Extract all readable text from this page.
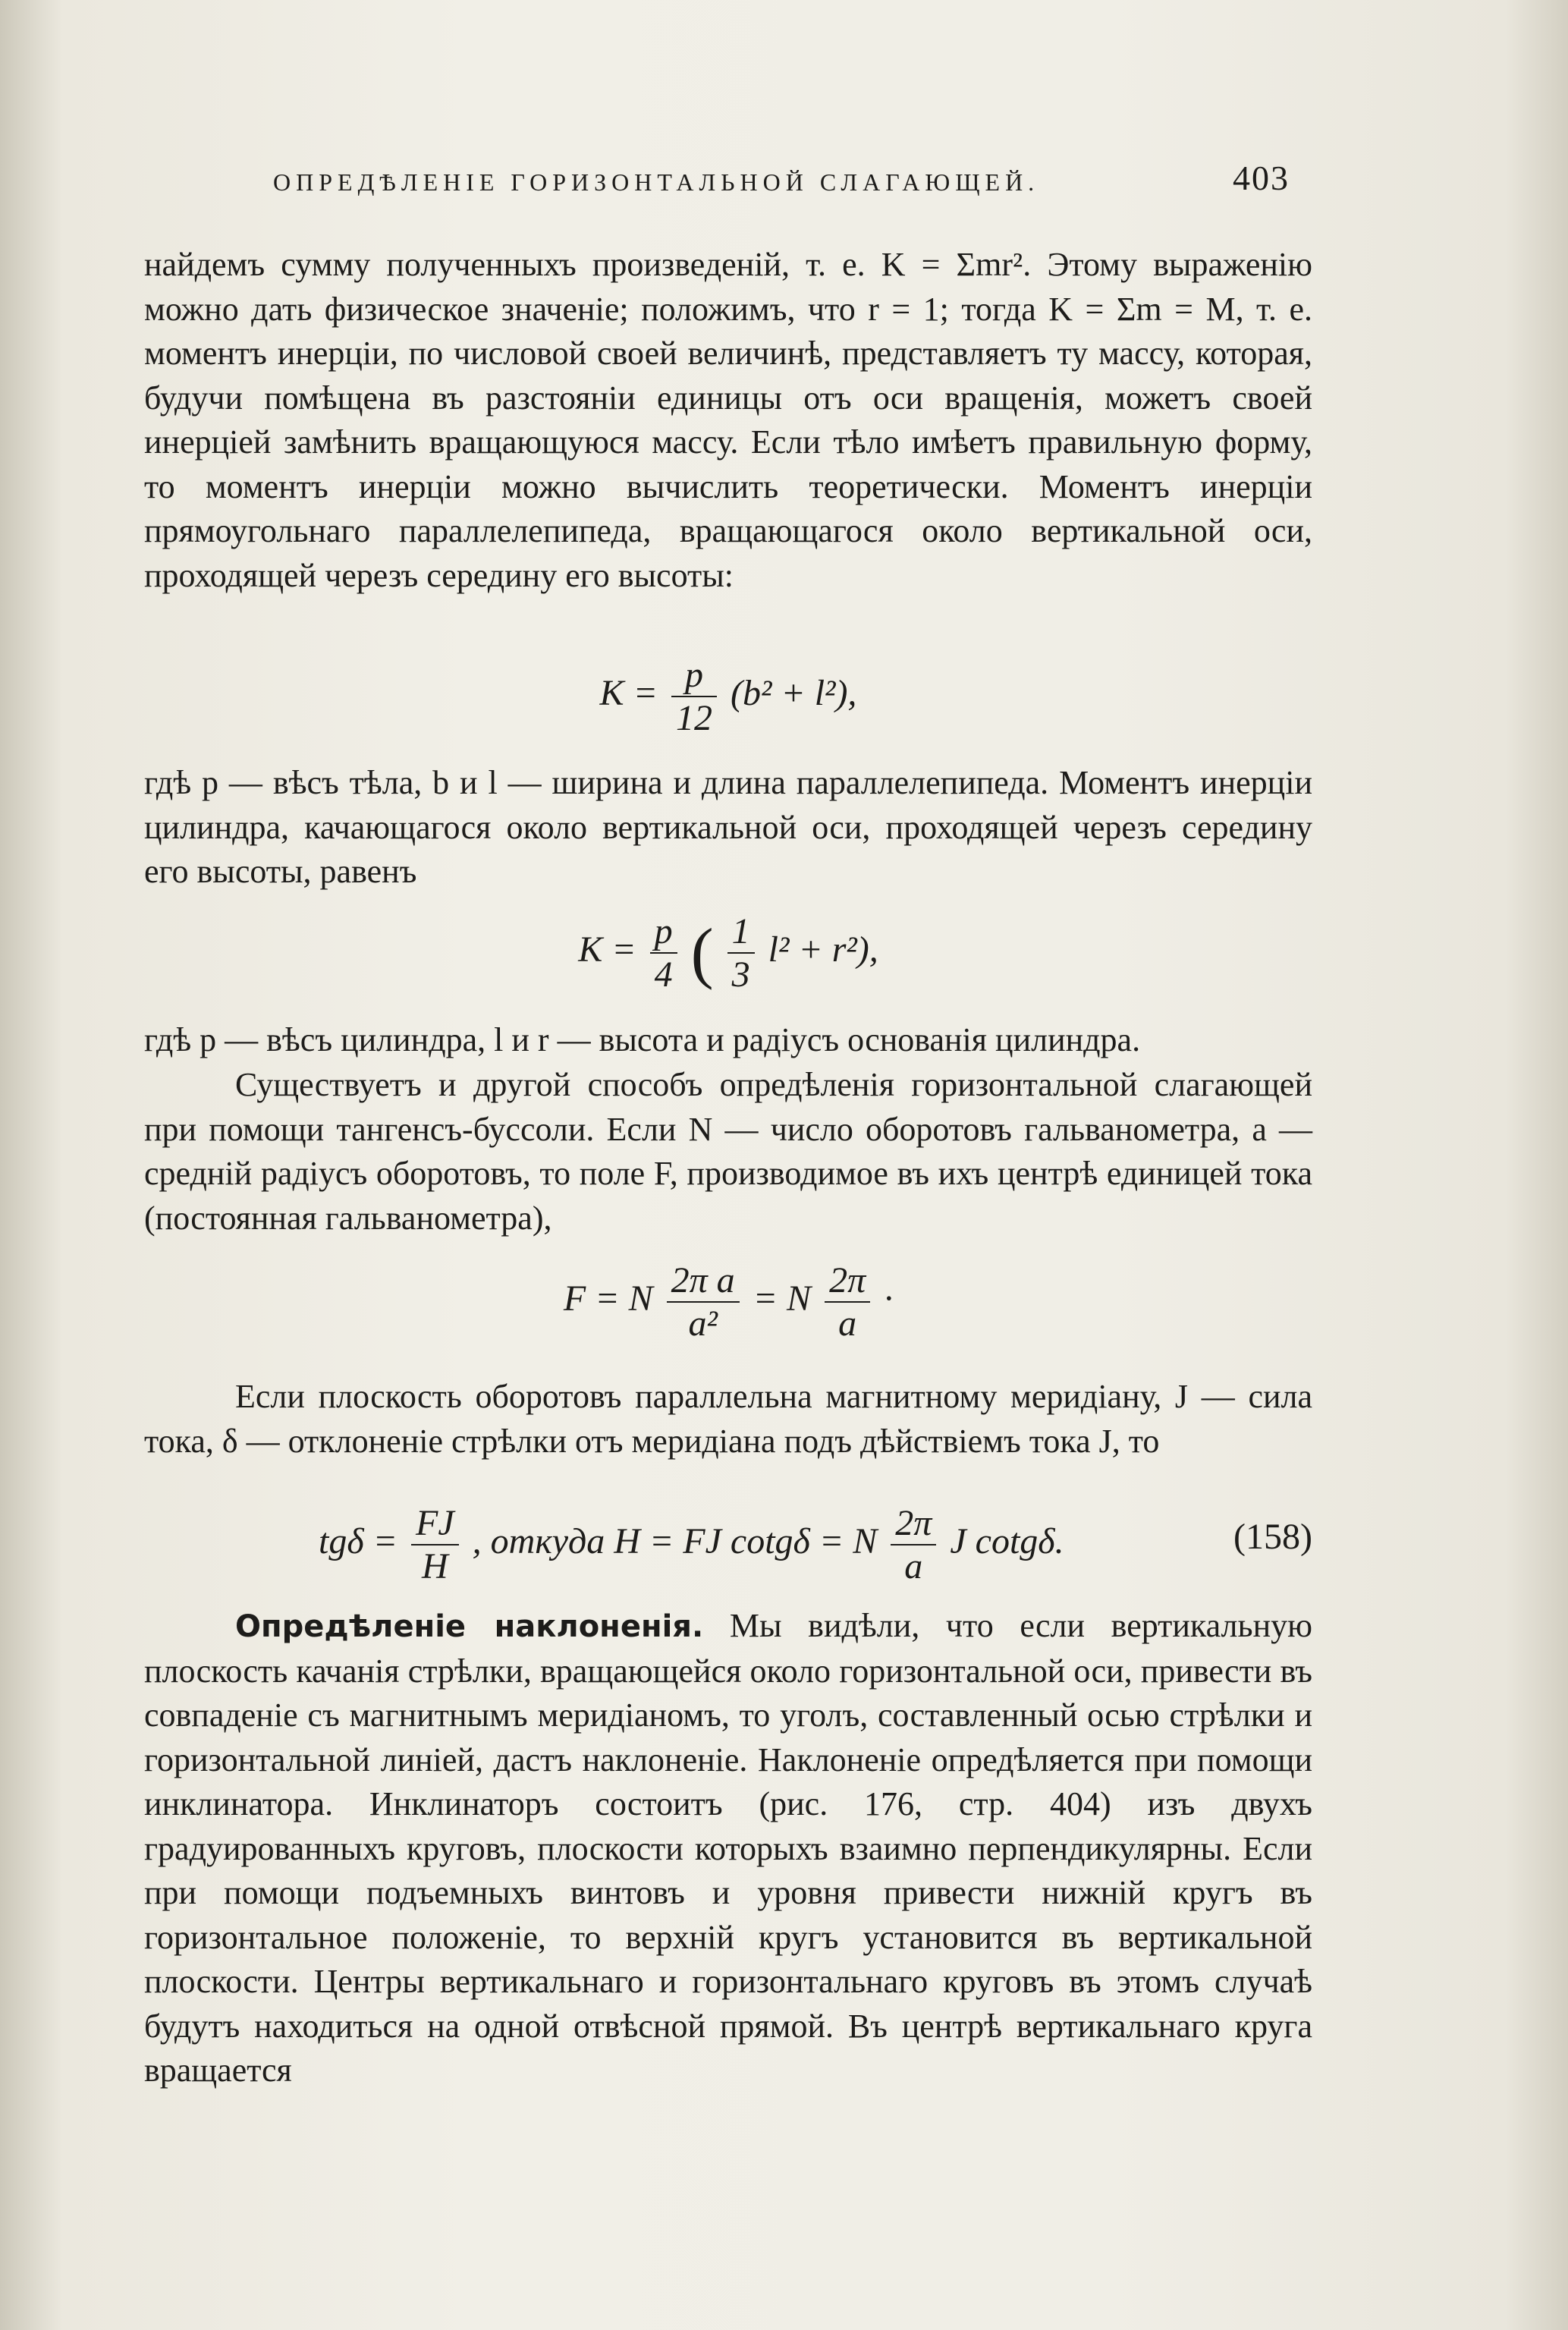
ОПРЕДѢЛЕНІЕ ГОРИЗОНТАЛЬНОЙ СЛАГАЮЩЕЙ.	403

найдемъ сумму полученныхъ произведеній, т. е. K = Σmr². Этому выраженію можно дать физическое значеніе; положимъ, что r = 1; тогда K = Σm = M, т. е. моментъ инерціи, по числовой своей величинѣ, представляетъ ту массу, которая, будучи помѣщена въ разстояніи единицы отъ оси вращенія, можетъ своей инерціей замѣнить вращающуюся массу. Если тѣло имѣетъ правильную форму, то моментъ инерціи можно вычислить теоретически. Моментъ инерціи прямоугольнаго параллелепипеда, вращающагося около вертикальной оси, проходящей черезъ середину его высоты:

$K = \frac{p}{12} (b^2 + l^2)$,

гдѣ p — вѣсъ тѣла, b и l — ширина и длина параллелепипеда. Моментъ инерціи цилиндра, качающагося около вертикальной оси, проходящей черезъ середину его высоты, равенъ

$K = \frac{p}{4}$ ( $\frac{1}{3} l^2 + r^2$),

гдѣ p — вѣсъ цилиндра, l и r — высота и радіусъ основанія цилиндра.

Существуетъ и другой способъ опредѣленія горизонтальной слагающей при помощи тангенсъ-буссоли. Если N — число оборотовъ гальванометра, a — средній радіусъ оборотовъ, то поле F, производимое въ ихъ центрѣ единицей тока (постоянная гальванометра),

F = N $\frac{\text{2π a}}{\text{a²}} = N \frac{2\pi}{a}$ ·

Если плоскость оборотовъ параллельна магнитному меридіану, J — сила тока, δ — отклоненіе стрѣлки отъ меридіана подъ дѣйствіемъ тока J, то

$tg\delta = \frac{FJ}{H}$ , откуда H = FJ cotgδ = N $\frac{2\pi}{a}$ J cotgδ.	(158)

Опредѣленіе наклоненія. Мы видѣли, что если вертикальную плоскость качанія стрѣлки, вращающейся около горизонтальной оси, привести въ совпаденіе съ магнитнымъ меридіаномъ, то уголъ, составленный осью стрѣлки и горизонтальной линіей, дастъ наклоненіе. Наклоненіе опредѣляется при помощи инклинатора. Инклинаторъ состоитъ (рис. 176, стр. 404) изъ двухъ градуированныхъ круговъ, плоскости которыхъ взаимно перпендикулярны. Если при помощи подъемныхъ винтовъ и уровня привести нижній кругъ въ горизонтальное положеніе, то верхній кругъ установится въ вертикальной плоскости. Центры вертикальнаго и горизонтальнаго круговъ въ этомъ случаѣ будутъ находиться на одной отвѣсной прямой. Въ центрѣ вертикальнаго круга вращается
